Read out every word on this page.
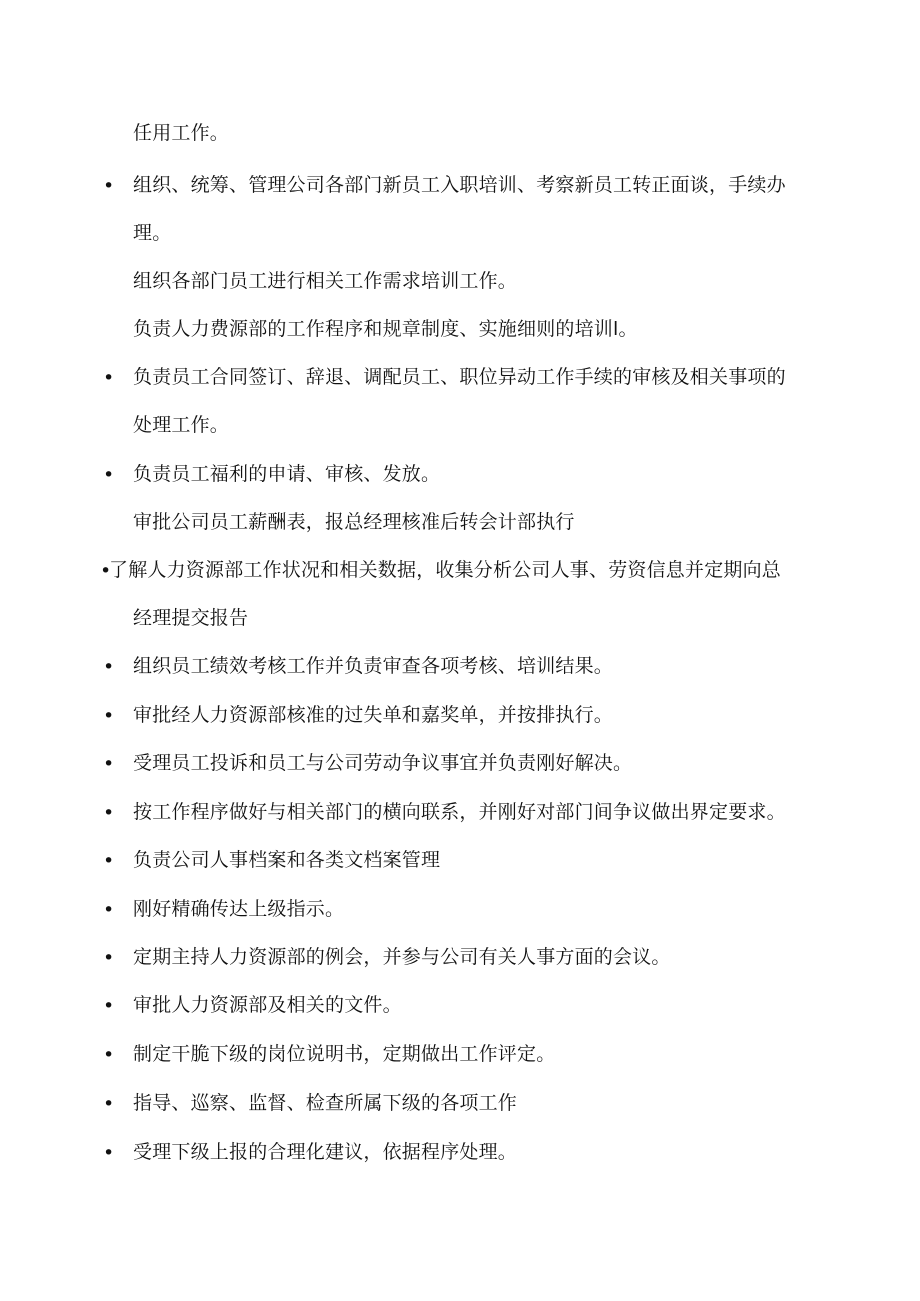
任用工作。
• 组织、统筹、管理公司各部门新员工入职培训、考察新员工转正面谈，手续办
理。
组织各部门员工进行相关工作需求培训工作。
负责人力费源部的工作程序和规章制度、实施细则的培训l。
• 负责员工合同签订、辞退、调配员工、职位异动工作手续的审核及相关事项的
处理工作。
• 负责员工福利的申请、审核、发放。
审批公司员工薪酬表，报总经理核准后转会计部执行
•
了解人力资源部工作状况和相关数据，收集分析公司人事、劳资信息并定期向总
经理提交报告
• 组织员工绩效考核工作并负责审查各项考核、培训结果。
• 审批经人力资源部核准的过失单和嘉奖单，并按排执行。
• 受理员工投诉和员工与公司劳动争议事宜并负责刚好解决。
• 按工作程序做好与相关部门的横向联系，并刚好对部门间争议做出界定要求。
• 负责公司人事档案和各类文档案管理
• 刚好精确传达上级指示。
• 定期主持人力资源部的例会，并参与公司有关人事方面的会议。
• 审批人力资源部及相关的文件。
• 制定干脆下级的岗位说明书，定期做出工作评定。
• 指导、巡察、监督、检查所属下级的各项工作
• 受理下级上报的合理化建议，依据程序处理。
